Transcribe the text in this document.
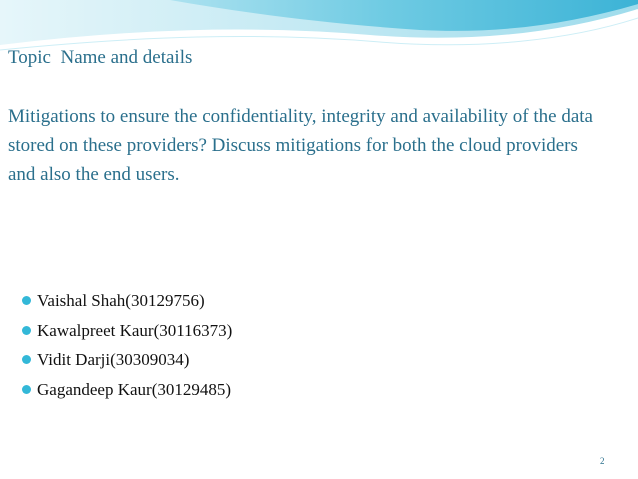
Topic  Name and details

Mitigations to ensure the confidentiality, integrity and availability of the data stored on these providers? Discuss mitigations for both the cloud providers and also the end users.

Vaishal Shah(30129756)
Kawalpreet Kaur(30116373)
Vidit Darji(30309034)
Gagandeep Kaur(30129485)
2
